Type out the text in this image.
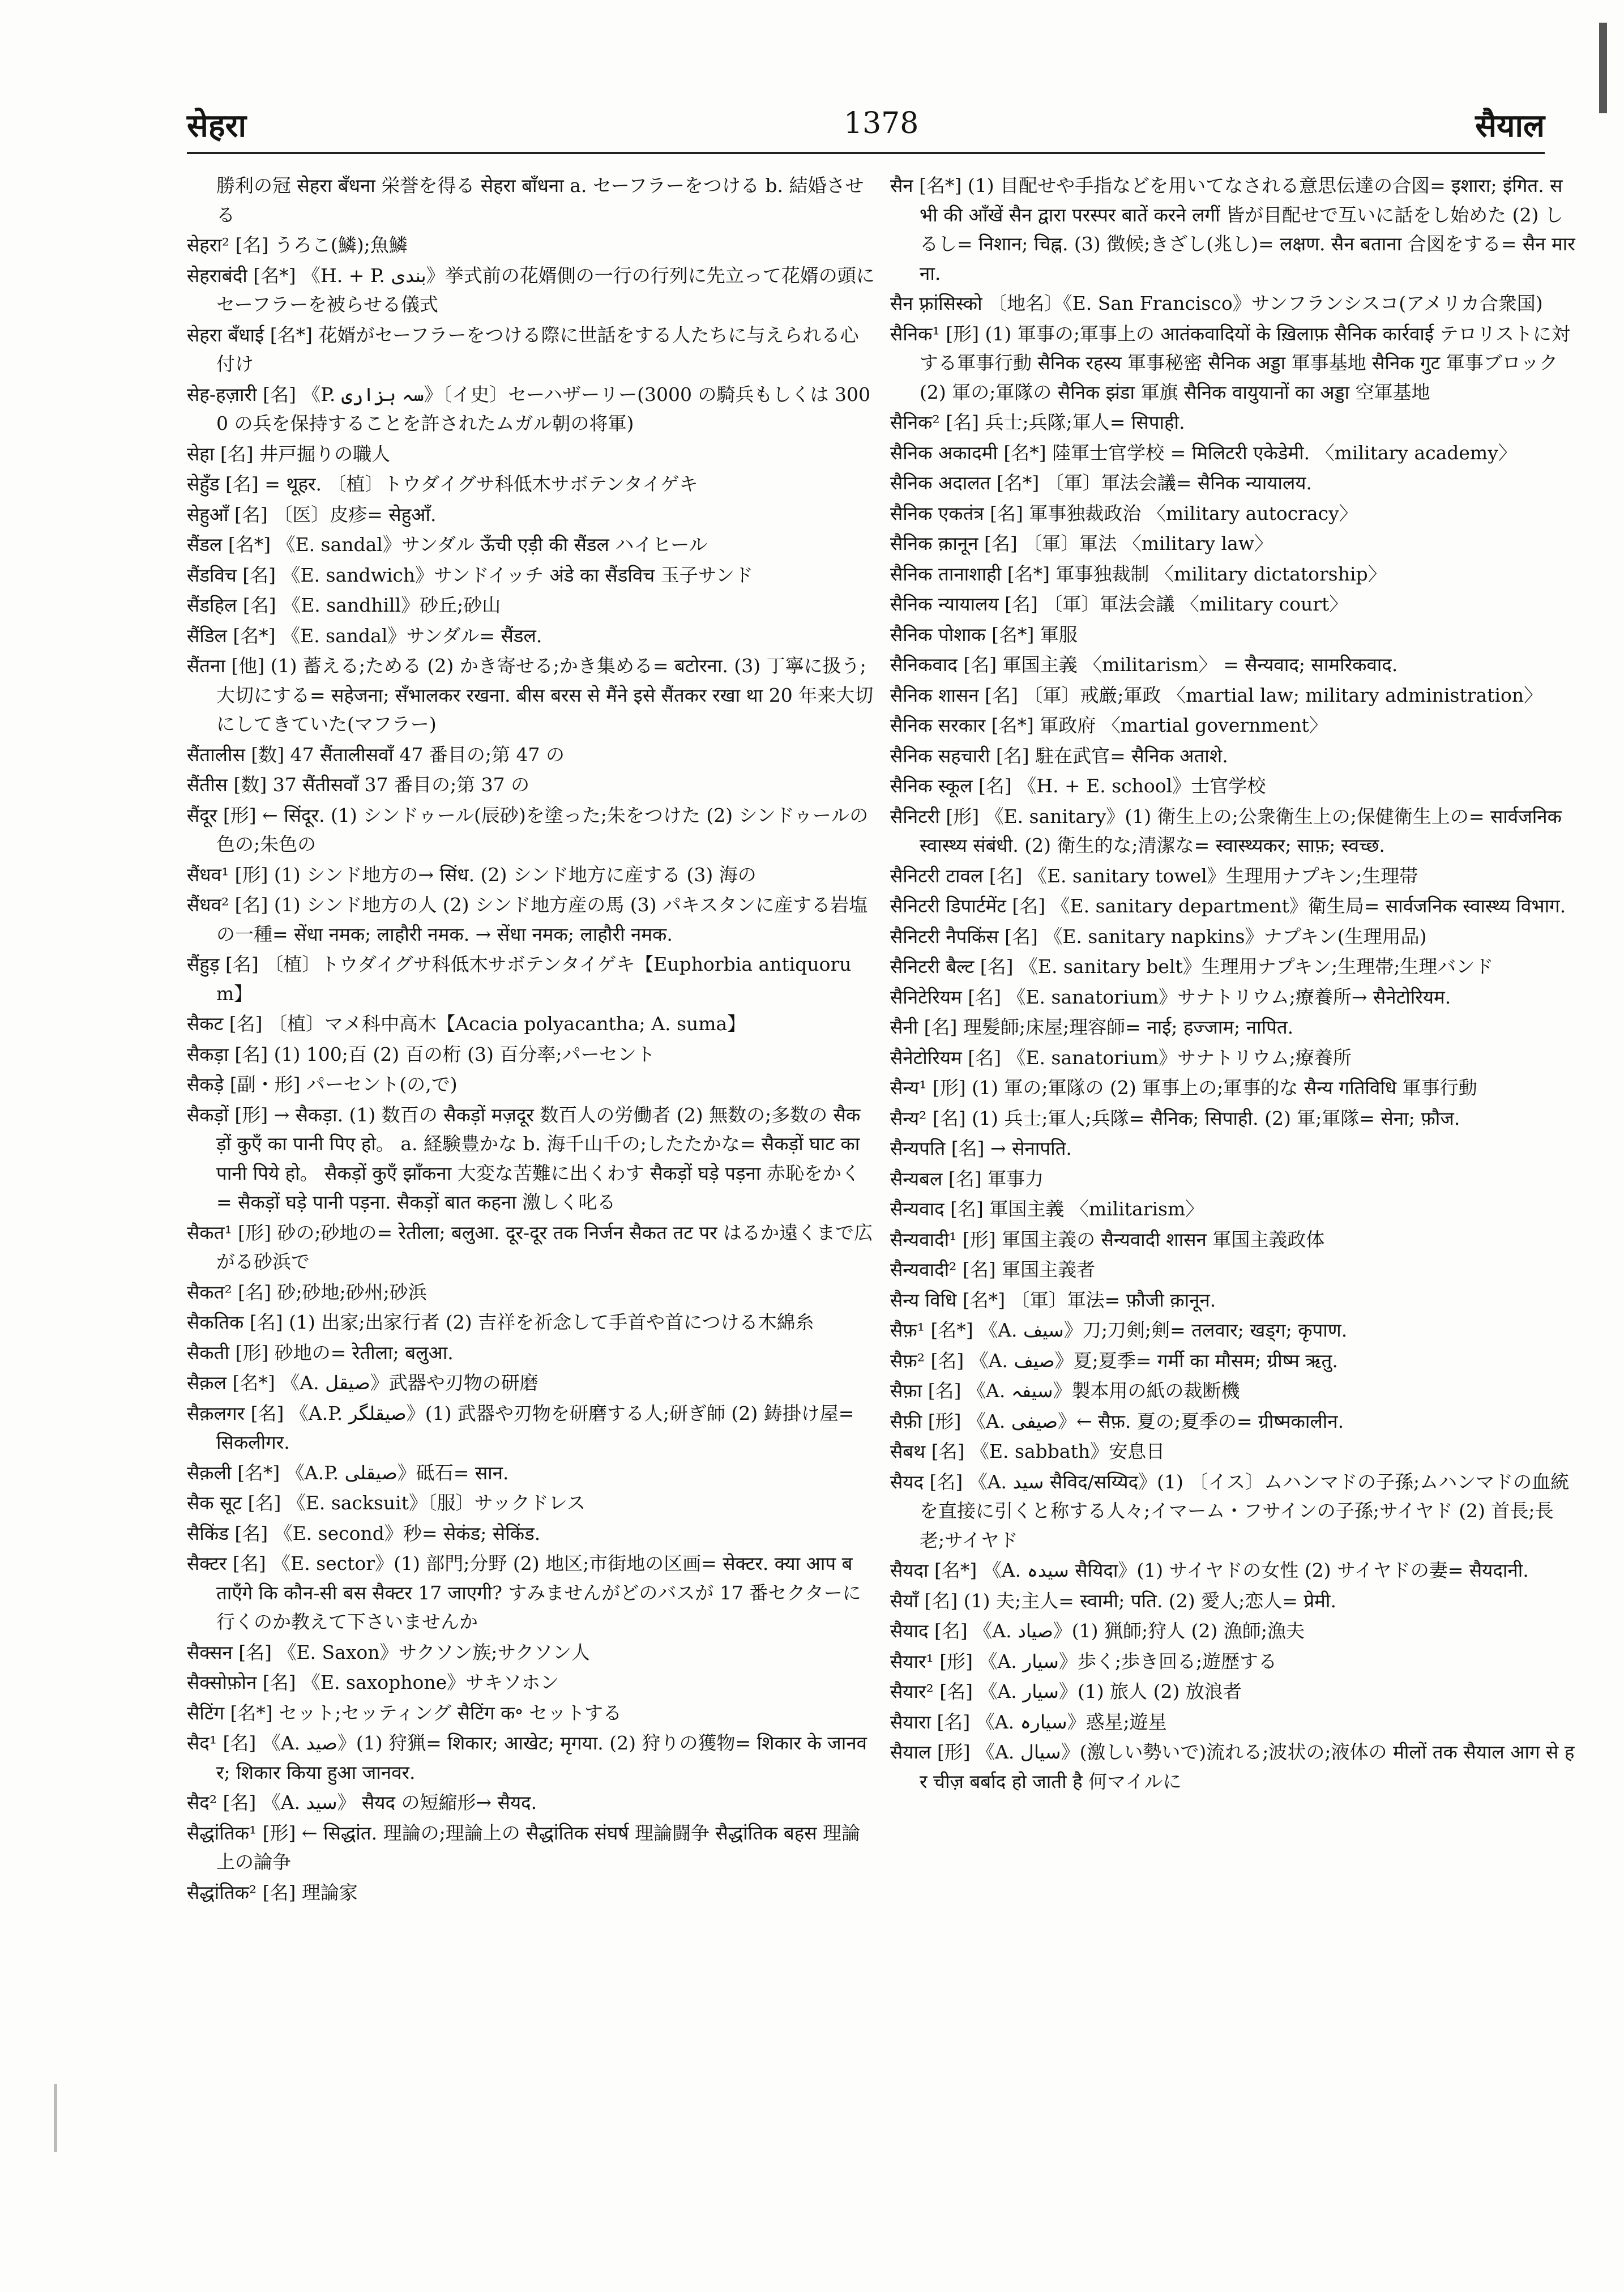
सेहरा	1378	सैयाल

勝利の冠 सेहरा बँधना 栄誉を得る सेहरा बाँधना a. セーフラーをつける b. 結婚させる

सेहरा² [名] うろこ(鱗);魚鱗

सेहराबंदी [名*] 《H. + P. بندی》挙式前の花婿側の一行の行列に先立って花婿の頭にセーフラーを被らせる儀式

सेहरा बँधाई [名*] 花婿がセーフラーをつける際に世話をする人たちに与えられる心付け

सेह-हज़ारी [名] 《P. سہ ہزاری》〔イ史〕セーハザーリー(3000 の騎兵もしくは 3000 の兵を保持することを許されたムガル朝の将軍)

सेहा [名] 井戸掘りの職人

सेहुँड [名] = थूहर. 〔植〕トウダイグサ科低木サボテンタイゲキ

सेहुआँ [名] 〔医〕皮疹= सेहुआँ.

सैंडल [名*] 《E. sandal》サンダル ऊँची एड़ी की सैंडल ハイヒール

सैंडविच [名] 《E. sandwich》サンドイッチ अंडे का सैंडविच 玉子サンド

सैंडहिल [名] 《E. sandhill》砂丘;砂山

सैंडिल [名*] 《E. sandal》サンダル= सैंडल.

सैंतना [他] (1) 蓄える;ためる (2) かき寄せる;かき集める= बटोरना. (3) 丁寧に扱う;大切にする= सहेजना; सँभालकर रखना. बीस बरस से मैंने इसे सैंतकर रखा था 20 年来大切にしてきていた(マフラー)

सैंतालीस [数] 47 सैंतालीसवाँ 47 番目の;第 47 の

सैंतीस [数] 37 सैंतीसवाँ 37 番目の;第 37 の

सैंदूर [形] ← सिंदूर. (1) シンドゥール(辰砂)を塗った;朱をつけた (2) シンドゥールの色の;朱色の

सैंधव¹ [形] (1) シンド地方の→ सिंध. (2) シンド地方に産する (3) 海の

सैंधव² [名] (1) シンド地方の人 (2) シンド地方産の馬 (3) パキスタンに産する岩塩の一種= सेंधा नमक; लाहौरी नमक. → सेंधा नमक; लाहौरी नमक.

सैंहुड़ [名] 〔植〕トウダイグサ科低木サボテンタイゲキ【Euphorbia antiquorum】

सैकट [名] 〔植〕マメ科中高木【Acacia polyacantha; A. suma】

सैकड़ा [名] (1) 100;百 (2) 百の桁 (3) 百分率;パーセント

सैकड़े [副・形] パーセント(の,で)

सैकड़ों [形] → सैकड़ा. (1) 数百の सैकड़ों मज़दूर 数百人の労働者 (2) 無数の;多数の सैकड़ों कुएँ का पानी पिए हो。 a. 経験豊かな b. 海千山千の;したたかな= सैकड़ों घाट का पानी पिये हो。 सैकड़ों कुएँ झाँकना 大変な苦難に出くわす सैकड़ों घड़े पड़ना 赤恥をかく= सैकड़ों घड़े पानी पड़ना. सैकड़ों बात कहना 激しく叱る

सैकत¹ [形] 砂の;砂地の= रेतीला; बलुआ. दूर-दूर तक निर्जन सैकत तट पर はるか遠くまで広がる砂浜で

सैकत² [名] 砂;砂地;砂州;砂浜

सैकतिक [名] (1) 出家;出家行者 (2) 吉祥を祈念して手首や首につける木綿糸

सैकती [形] 砂地の= रेतीला; बलुआ.

सैक़ल [名*] 《A. صیقل》武器や刃物の研磨

सैक़लगर [名] 《A.P. صیقلگر》(1) 武器や刃物を研磨する人;研ぎ師 (2) 鋳掛け屋= सिकलीगर.

सैक़ली [名*] 《A.P. صیقلی》砥石= सान.

सैक सूट [名] 《E. sacksuit》〔服〕サックドレス

सैकिंड [名] 《E. second》秒= सेकंड; सेकिंड.

सैक्टर [名] 《E. sector》(1) 部門;分野 (2) 地区;市街地の区画= सेक्टर. क्या आप बताएँगे कि कौन-सी बस सैक्टर 17 जाएगी? すみませんがどのバスが 17 番セクターに行くのか教えて下さいませんか

सैक्सन [名] 《E. Saxon》サクソン族;サクソン人

सैक्सोफ़ोन [名] 《E. saxophone》サキソホン

सैटिंग [名*] セット;セッティング सैटिंग क॰ セットする

सैद¹ [名] 《A. صید》(1) 狩猟= शिकार; आखेट; मृगया. (2) 狩りの獲物= शिकार के जानवर; शिकार किया हुआ जानवर.

सैद² [名] 《A. سید》 सैयद の短縮形→ सैयद.

सैद्धांतिक¹ [形] ← सिद्धांत. 理論の;理論上の सैद्धांतिक संघर्ष 理論闘争 सैद्धांतिक बहस 理論上の論争

सैद्धांतिक² [名] 理論家

सैन [名*] (1) 目配せや手指などを用いてなされる意思伝達の合図= इशारा; इंगित. सभी की आँखें सैन द्वारा परस्पर बातें करने लगीं 皆が目配せで互いに話をし始めた (2) しるし= निशान; चिह्न. (3) 徴候;きざし(兆し)= लक्षण. सैन बताना 合図をする= सैन मारना.

सैन फ़्रांसिस्को 〔地名〕《E. San Francisco》サンフランシスコ(アメリカ合衆国)

सैनिक¹ [形] (1) 軍事の;軍事上の आतंकवादियों के ख़िलाफ़ सैनिक कार्रवाई テロリストに対する軍事行動 सैनिक रहस्य 軍事秘密 सैनिक अड्डा 軍事基地 सैनिक गुट 軍事ブロック (2) 軍の;軍隊の सैनिक झंडा 軍旗 सैनिक वायुयानों का अड्डा 空軍基地

सैनिक² [名] 兵士;兵隊;軍人= सिपाही.

सैनिक अकादमी [名*] 陸軍士官学校 = मिलिटरी एकेडेमी. 〈military academy〉

सैनिक अदालत [名*] 〔軍〕軍法会議= सैनिक न्यायालय.

सैनिक एकतंत्र [名] 軍事独裁政治 〈military autocracy〉

सैनिक क़ानून [名] 〔軍〕軍法 〈military law〉

सैनिक तानाशाही [名*] 軍事独裁制 〈military dictatorship〉

सैनिक न्यायालय [名] 〔軍〕軍法会議 〈military court〉

सैनिक पोशाक [名*] 軍服

सैनिकवाद [名] 軍国主義 〈militarism〉 = सैन्यवाद; सामरिकवाद.

सैनिक शासन [名] 〔軍〕戒厳;軍政 〈martial law; military administration〉

सैनिक सरकार [名*] 軍政府 〈martial government〉

सैनिक सहचारी [名] 駐在武官= सैनिक अताशे.

सैनिक स्कूल [名] 《H. + E. school》士官学校

सैनिटरी [形] 《E. sanitary》(1) 衛生上の;公衆衛生上の;保健衛生上の= सार्वजनिक स्वास्थ्य संबंधी. (2) 衛生的な;清潔な= स्वास्थ्यकर; साफ़; स्वच्छ.

सैनिटरी टावल [名] 《E. sanitary towel》生理用ナプキン;生理帯

सैनिटरी डिपार्टमेंट [名] 《E. sanitary department》衛生局= सार्वजनिक स्वास्थ्य विभाग.

सैनिटरी नैपकिंस [名] 《E. sanitary napkins》ナプキン(生理用品)

सैनिटरी बैल्ट [名] 《E. sanitary belt》生理用ナプキン;生理帯;生理バンド

सैनिटेरियम [名] 《E. sanatorium》サナトリウム;療養所→ सैनेटोरियम.

सैनी [名] 理髪師;床屋;理容師= नाई; हज्जाम; नापित.

सैनेटोरियम [名] 《E. sanatorium》サナトリウム;療養所

सैन्य¹ [形] (1) 軍の;軍隊の (2) 軍事上の;軍事的な सैन्य गतिविधि 軍事行動

सैन्य² [名] (1) 兵士;軍人;兵隊= सैनिक; सिपाही. (2) 軍;軍隊= सेना; फ़ौज.

सैन्यपति [名] → सेनापति.

सैन्यबल [名] 軍事力

सैन्यवाद [名] 軍国主義 〈militarism〉

सैन्यवादी¹ [形] 軍国主義の सैन्यवादी शासन 軍国主義政体

सैन्यवादी² [名] 軍国主義者

सैन्य विधि [名*] 〔軍〕軍法= फ़ौजी क़ानून.

सैफ़¹ [名*] 《A. سیف》刀;刀剣;剣= तलवार; खड्ग; कृपाण.

सैफ़² [名] 《A. صیف》夏;夏季= गर्मी का मौसम; ग्रीष्म ऋतु.

सैफ़ा [名] 《A. سیفہ》製本用の紙の裁断機

सैफ़ी [形] 《A. صیفی》← सैफ़. 夏の;夏季の= ग्रीष्मकालीन.

सैबथ [名] 《E. sabbath》安息日

सैयद [名] 《A. سید सैविद/सय्यिद》(1) 〔イス〕ムハンマドの子孫;ムハンマドの血統を直接に引くと称する人々;イマーム・フサインの子孫;サイヤド (2) 首長;長老;サイヤド

सैयदा [名*] 《A. سیدہ सैयिदा》(1) サイヤドの女性 (2) サイヤドの妻= सैयदानी.

सैयाँ [名] (1) 夫;主人= स्वामी; पति. (2) 愛人;恋人= प्रेमी.

सैयाद [名] 《A. صیاد》(1) 猟師;狩人 (2) 漁師;漁夫

सैयार¹ [形] 《A. سیار》歩く;歩き回る;遊歴する

सैयार² [名] 《A. سیار》(1) 旅人 (2) 放浪者

सैयारा [名] 《A. سیارہ》惑星;遊星

सैयाल [形] 《A. سیال》(激しい勢いで)流れる;波状の;液体の मीलों तक सैयाल आग से हर चीज़ बर्बाद हो जाती है 何マイルに
